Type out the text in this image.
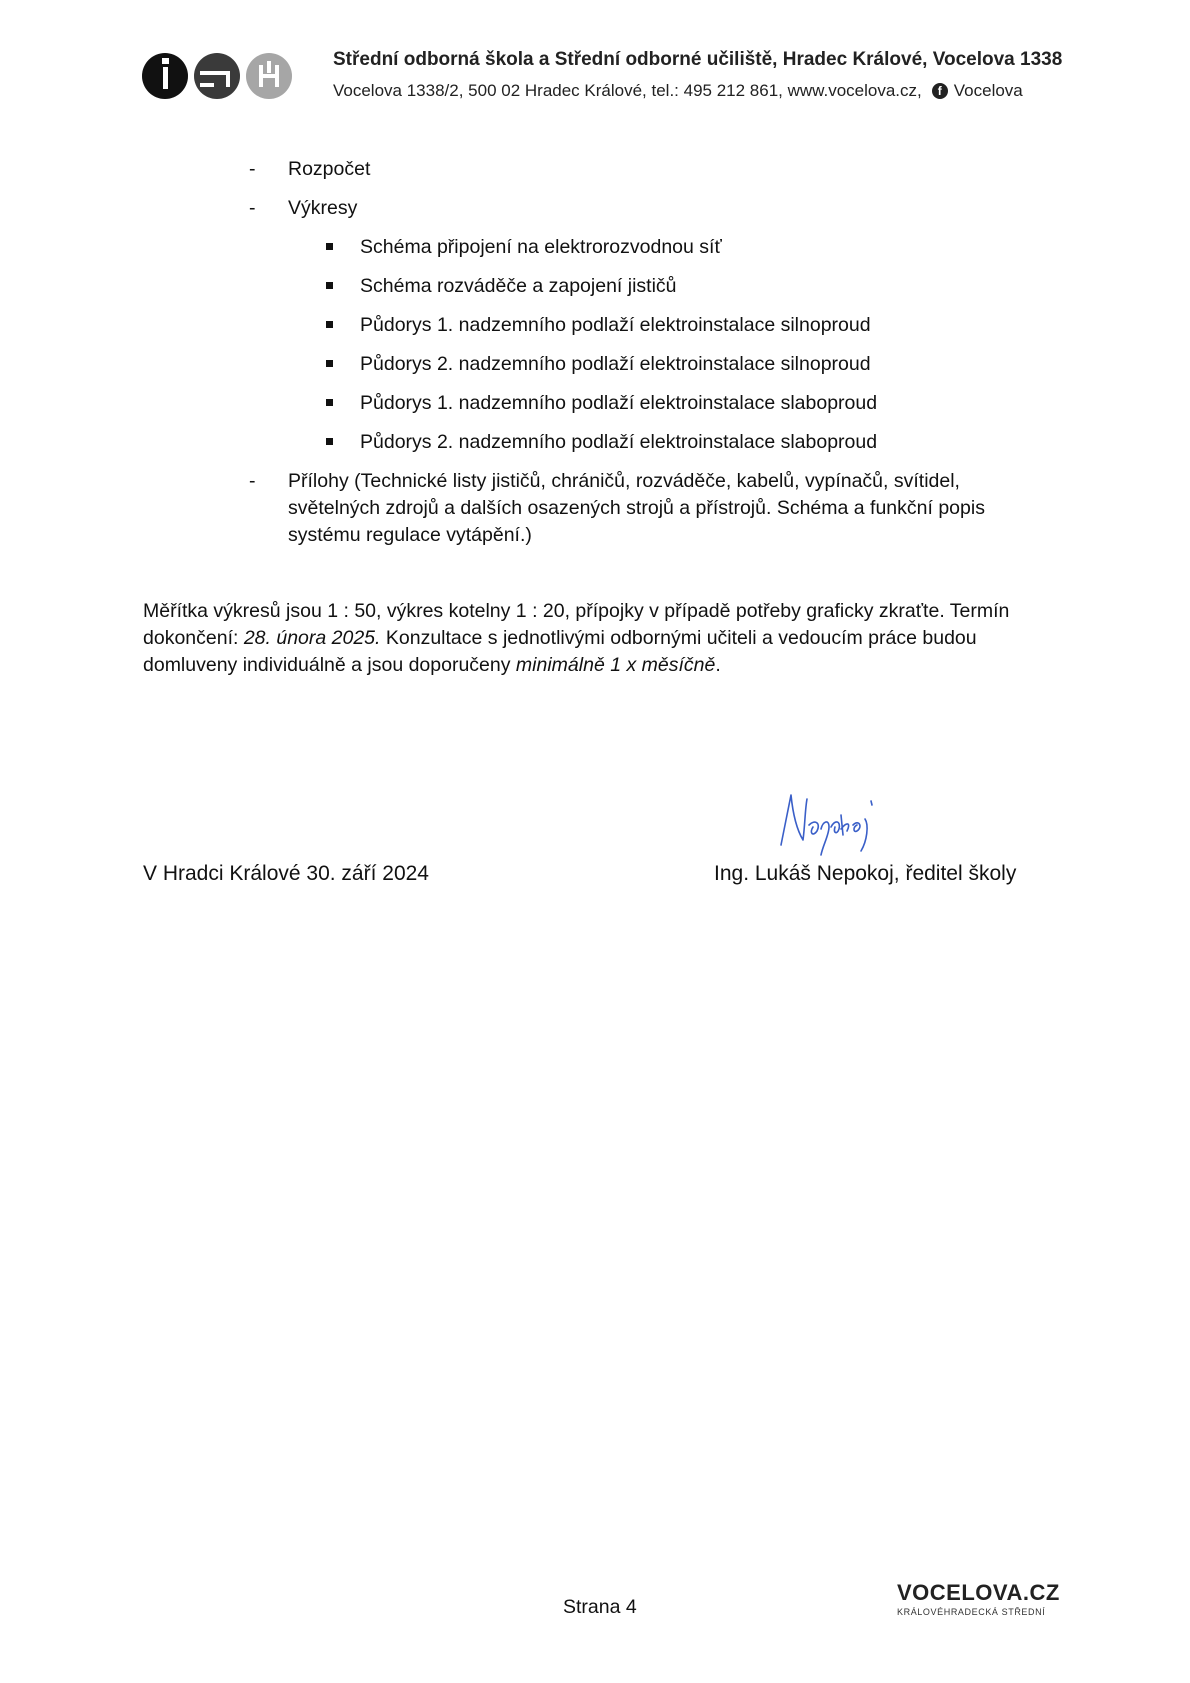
Střední odborná škola a Střední odborné učiliště, Hradec Králové, Vocelova 1338
Vocelova 1338/2, 500 02 Hradec Králové, tel.: 495 212 861, www.vocelova.cz,	f Vocelova
- Rozpočet
- Výkresy
Schéma připojení na elektrorozvodnou síť
Schéma rozváděče a zapojení jističů
Půdorys 1. nadzemního podlaží elektroinstalace silnoproud
Půdorys 2. nadzemního podlaží elektroinstalace silnoproud
Půdorys 1. nadzemního podlaží elektroinstalace slaboproud
Půdorys 2. nadzemního podlaží elektroinstalace slaboproud
- Přílohy (Technické listy jističů, chráničů, rozváděče, kabelů, vypínačů, svítidel, světelných zdrojů a dalších osazených strojů a přístrojů. Schéma a funkční popis systému regulace vytápění.)
Měřítka výkresů jsou 1 : 50, výkres kotelny 1 : 20, přípojky v případě potřeby graficky zkraťte. Termín dokončení: 28. února 2025. Konzultace s jednotlivými odbornými učiteli a vedoucím práce budou domluveny individuálně a jsou doporučeny minimálně 1 x měsíčně.
V Hradci Králové 30. září 2024	Ing. Lukáš Nepokoj, ředitel školy
Strana 4
VOCELOVA.CZ
KRÁLOVÉHRADECKÁ STŘEDNÍ
